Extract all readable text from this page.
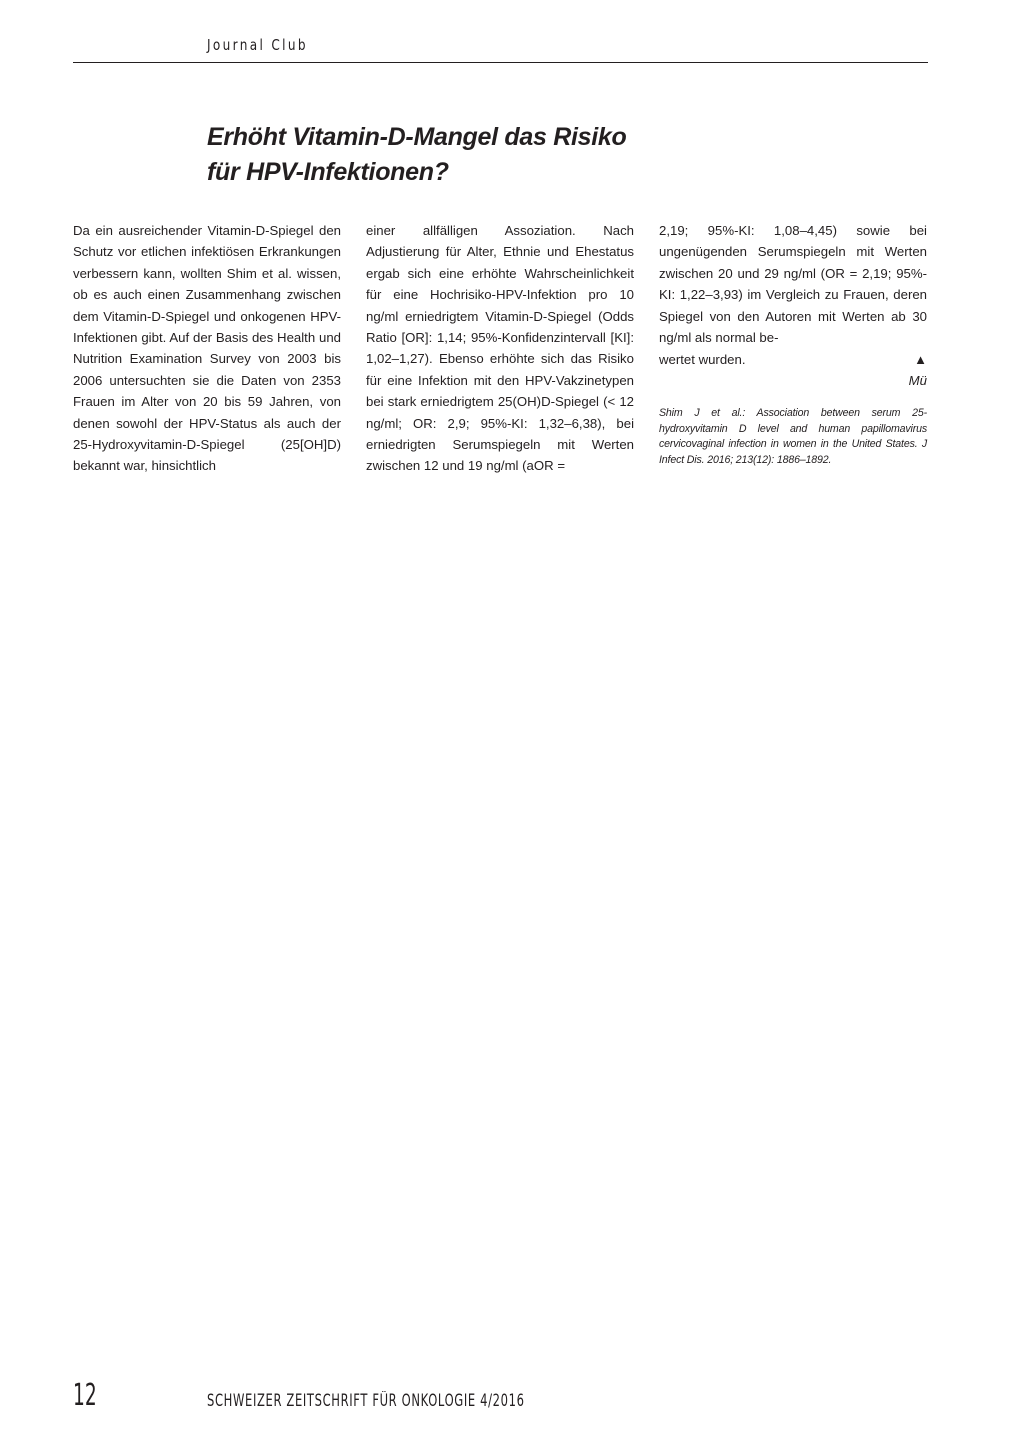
Journal Club
Erhöht Vitamin-D-Mangel das Risiko
für HPV-Infektionen?
Da ein ausreichender Vitamin-D-Spiegel den Schutz vor etlichen infektiösen Erkrankungen verbessern kann, wollten Shim et al. wissen, ob es auch einen Zusammenhang zwischen dem Vitamin-D-Spiegel und onkogenen HPV-Infektionen gibt. Auf der Basis des Health und Nutrition Examination Survey von 2003 bis 2006 untersuchten sie die Daten von 2353 Frauen im Alter von 20 bis 59 Jahren, von denen sowohl der HPV-Status als auch der 25-Hydroxyvitamin-D-Spiegel (25[OH]D) bekannt war, hinsichtlich
einer allfälligen Assoziation. Nach Adjustierung für Alter, Ethnie und Ehestatus ergab sich eine erhöhte Wahrscheinlichkeit für eine Hochrisiko-HPV-Infektion pro 10 ng/ml erniedrigtem Vitamin-D-Spiegel (Odds Ratio [OR]: 1,14; 95%-Konfidenzintervall [KI]: 1,02–1,27). Ebenso erhöhte sich das Risiko für eine Infektion mit den HPV-Vakzinetypen bei stark erniedrigtem 25(OH)D-Spiegel (< 12 ng/ml; OR: 2,9; 95%-KI: 1,32–6,38), bei erniedrigten Serumspiegeln mit Werten zwischen 12 und 19 ng/ml (aOR =
2,19; 95%-KI: 1,08–4,45) sowie bei ungenügenden Serumspiegeln mit Werten zwischen 20 und 29 ng/ml (OR = 2,19; 95%-KI: 1,22–3,93) im Vergleich zu Frauen, deren Spiegel von den Autoren mit Werten ab 30 ng/ml als normal be-
wertet wurden.	▲
Mü

Shim J et al.: Association between serum 25-hydroxyvitamin D level and human papillomavirus cervicovaginal infection in women in the United States. J Infect Dis. 2016; 213(12): 1886–1892.

12	SCHWEIZER ZEITSCHRIFT FÜR ONKOLOGIE 4/2016
